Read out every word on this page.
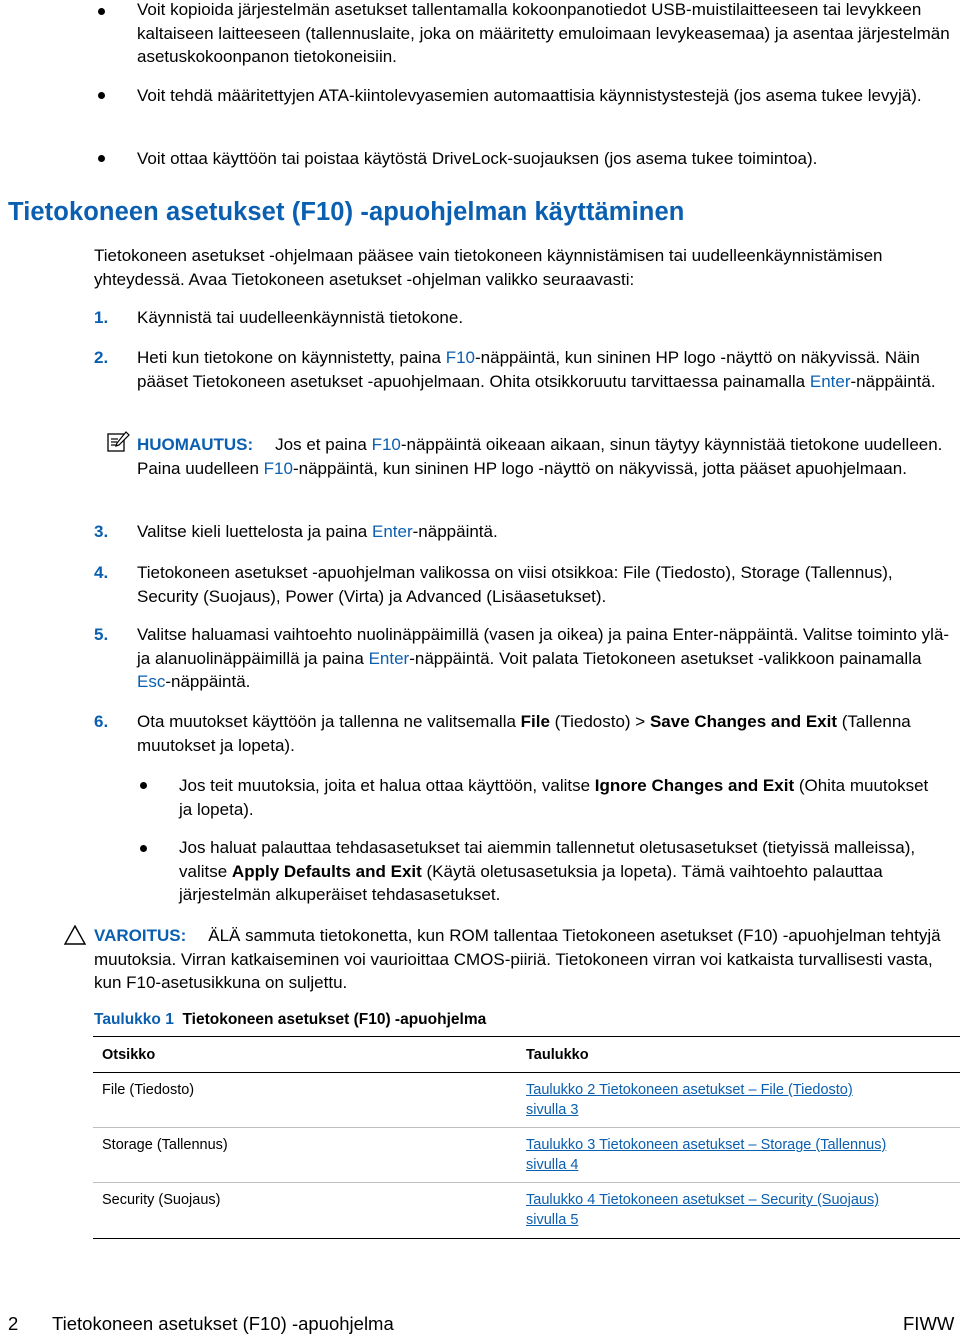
Voit kopioida järjestelmän asetukset tallentamalla kokoonpanotiedot USB-muistilaitteeseen tai levykkeen kaltaiseen laitteeseen (tallennuslaite, joka on määritetty emuloimaan levykeasemaa) ja asentaa järjestelmän asetuskokoonpanon tietokoneisiin.
Voit tehdä määritettyjen ATA-kiintolevyasemien automaattisia käynnistystestejä (jos asema tukee levyjä).
Voit ottaa käyttöön tai poistaa käytöstä DriveLock-suojauksen (jos asema tukee toimintoa).
Tietokoneen asetukset (F10) -apuohjelman käyttäminen
Tietokoneen asetukset -ohjelmaan pääsee vain tietokoneen käynnistämisen tai uudelleenkäynnistämisen yhteydessä. Avaa Tietokoneen asetukset -ohjelman valikko seuraavasti:
1. Käynnistä tai uudelleenkäynnistä tietokone.
2. Heti kun tietokone on käynnistetty, paina F10-näppäintä, kun sininen HP logo -näyttö on näkyvissä. Näin pääset Tietokoneen asetukset -apuohjelmaan. Ohita otsikkoruutu tarvittaessa painamalla Enter-näppäintä.
HUOMAUTUS: Jos et paina F10-näppäintä oikeaan aikaan, sinun täytyy käynnistää tietokone uudelleen. Paina uudelleen F10-näppäintä, kun sininen HP logo -näyttö on näkyvissä, jotta pääset apuohjelmaan.
3. Valitse kieli luettelosta ja paina Enter-näppäintä.
4. Tietokoneen asetukset -apuohjelman valikossa on viisi otsikkoa: File (Tiedosto), Storage (Tallennus), Security (Suojaus), Power (Virta) ja Advanced (Lisäasetukset).
5. Valitse haluamasi vaihtoehto nuolinäppäimillä (vasen ja oikea) ja paina Enter-näppäintä. Valitse toiminto ylä- ja alanuolinäppäimillä ja paina Enter-näppäintä. Voit palata Tietokoneen asetukset -valikkoon painamalla Esc-näppäintä.
6. Ota muutokset käyttöön ja tallenna ne valitsemalla File (Tiedosto) > Save Changes and Exit (Tallenna muutokset ja lopeta).
Jos teit muutoksia, joita et halua ottaa käyttöön, valitse Ignore Changes and Exit (Ohita muutokset ja lopeta).
Jos haluat palauttaa tehdasasetukset tai aiemmin tallennetut oletusasetukset (tietyissä malleissa), valitse Apply Defaults and Exit (Käytä oletusasetuksia ja lopeta). Tämä vaihtoehto palauttaa järjestelmän alkuperäiset tehdasasetukset.
VAROITUS: ÄLÄ sammuta tietokonetta, kun ROM tallentaa Tietokoneen asetukset (F10) -apuohjelman tehtyjä muutoksia. Virran katkaiseminen voi vaurioittaa CMOS-piiriä. Tietokoneen virran voi katkaista turvallisesti vasta, kun F10-asetusikkuna on suljettu.
Taulukko 1 Tietokoneen asetukset (F10) -apuohjelma
Otsikko	Taulukko
File (Tiedosto)	Taulukko 2 Tietokoneen asetukset – File (Tiedosto)
sivulla 3
Storage (Tallennus)	Taulukko 3 Tietokoneen asetukset – Storage (Tallennus)
sivulla 4
Security (Suojaus)	Taulukko 4 Tietokoneen asetukset – Security (Suojaus)
sivulla 5
2 Tietokoneen asetukset (F10) -apuohjelma	FIWW
